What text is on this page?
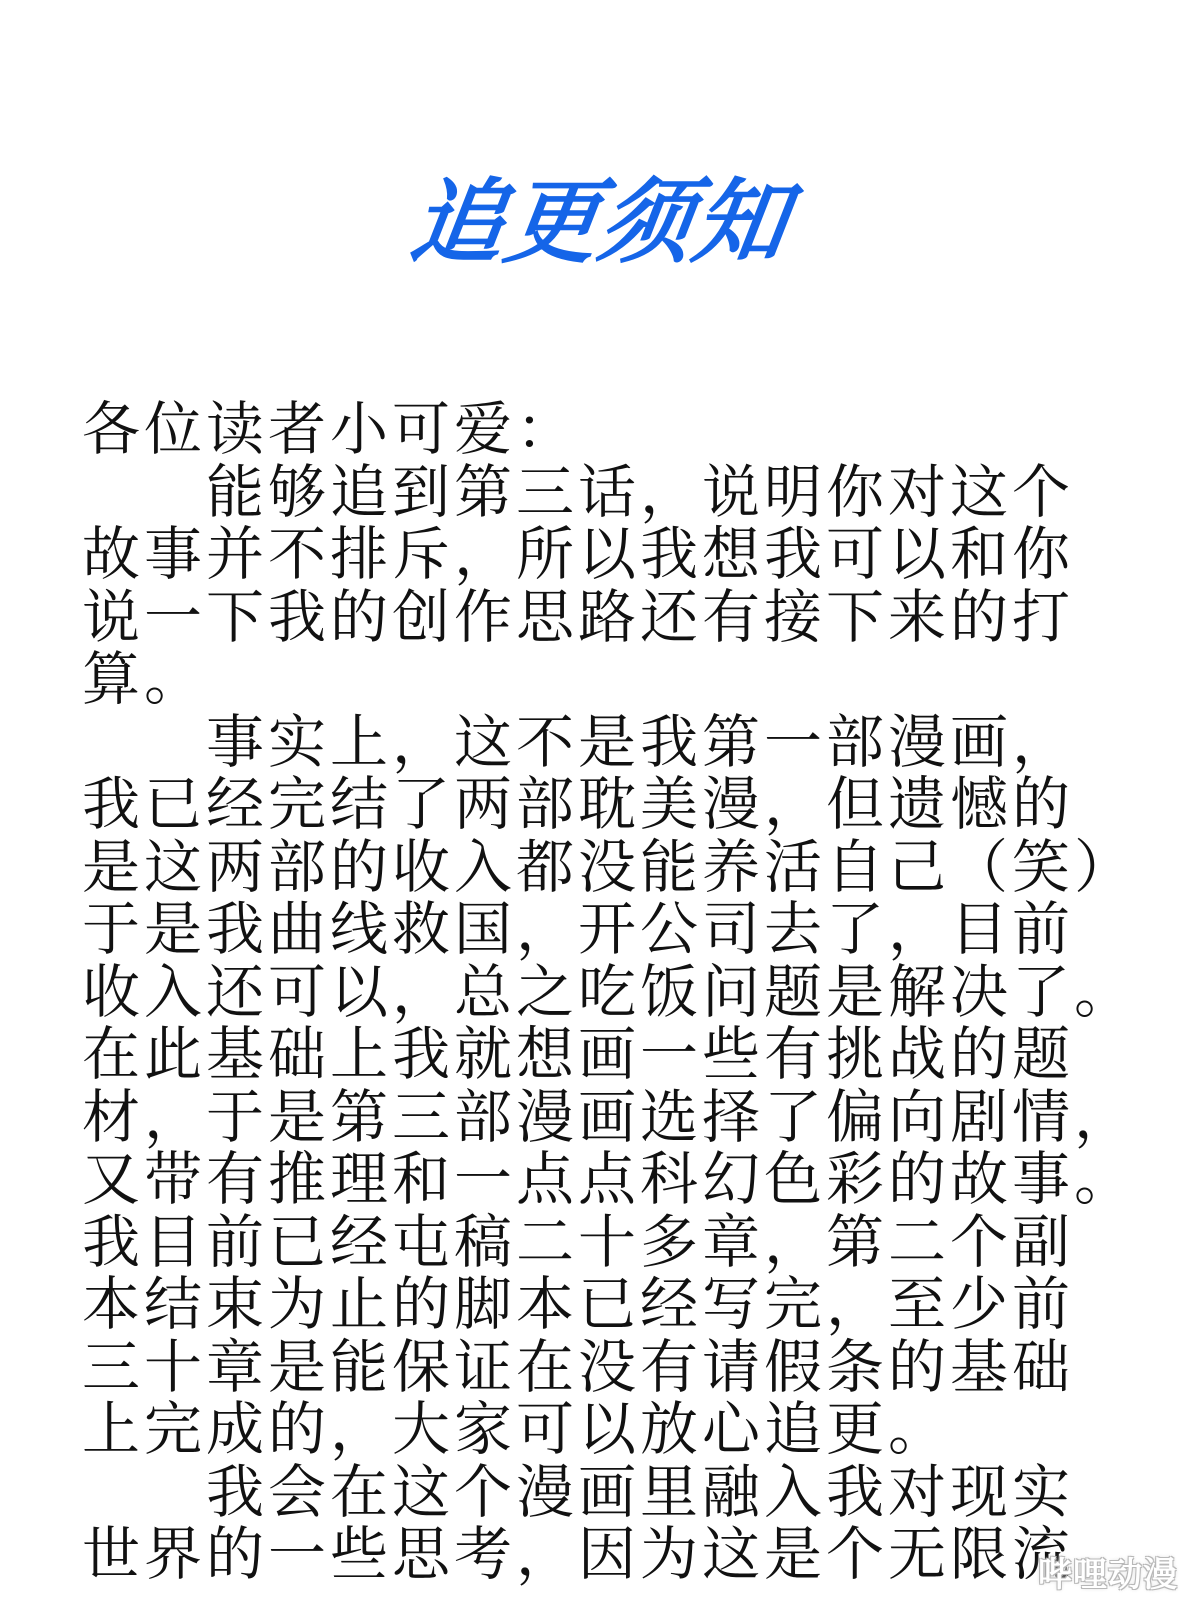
追更须知
各位读者小可爱：
能够追到第三话，说明你对这个
故事并不排斥，所以我想我可以和你
说一下我的创作思路还有接下来的打
算。
事实上，这不是我第一部漫画，
我已经完结了两部耽美漫，但遗憾的
是这两部的收入都没能养活自己（笑）
于是我曲线救国，开公司去了，目前
收入还可以，总之吃饭问题是解决了。
在此基础上我就想画一些有挑战的题
材，于是第三部漫画选择了偏向剧情，
又带有推理和一点点科幻色彩的故事。
我目前已经屯稿二十多章，第二个副
本结束为止的脚本已经写完，至少前
三十章是能保证在没有请假条的基础
上完成的，大家可以放心追更。
我会在这个漫画里融入我对现实
世界的一些思考，因为这是个无限流
哔哩动漫
